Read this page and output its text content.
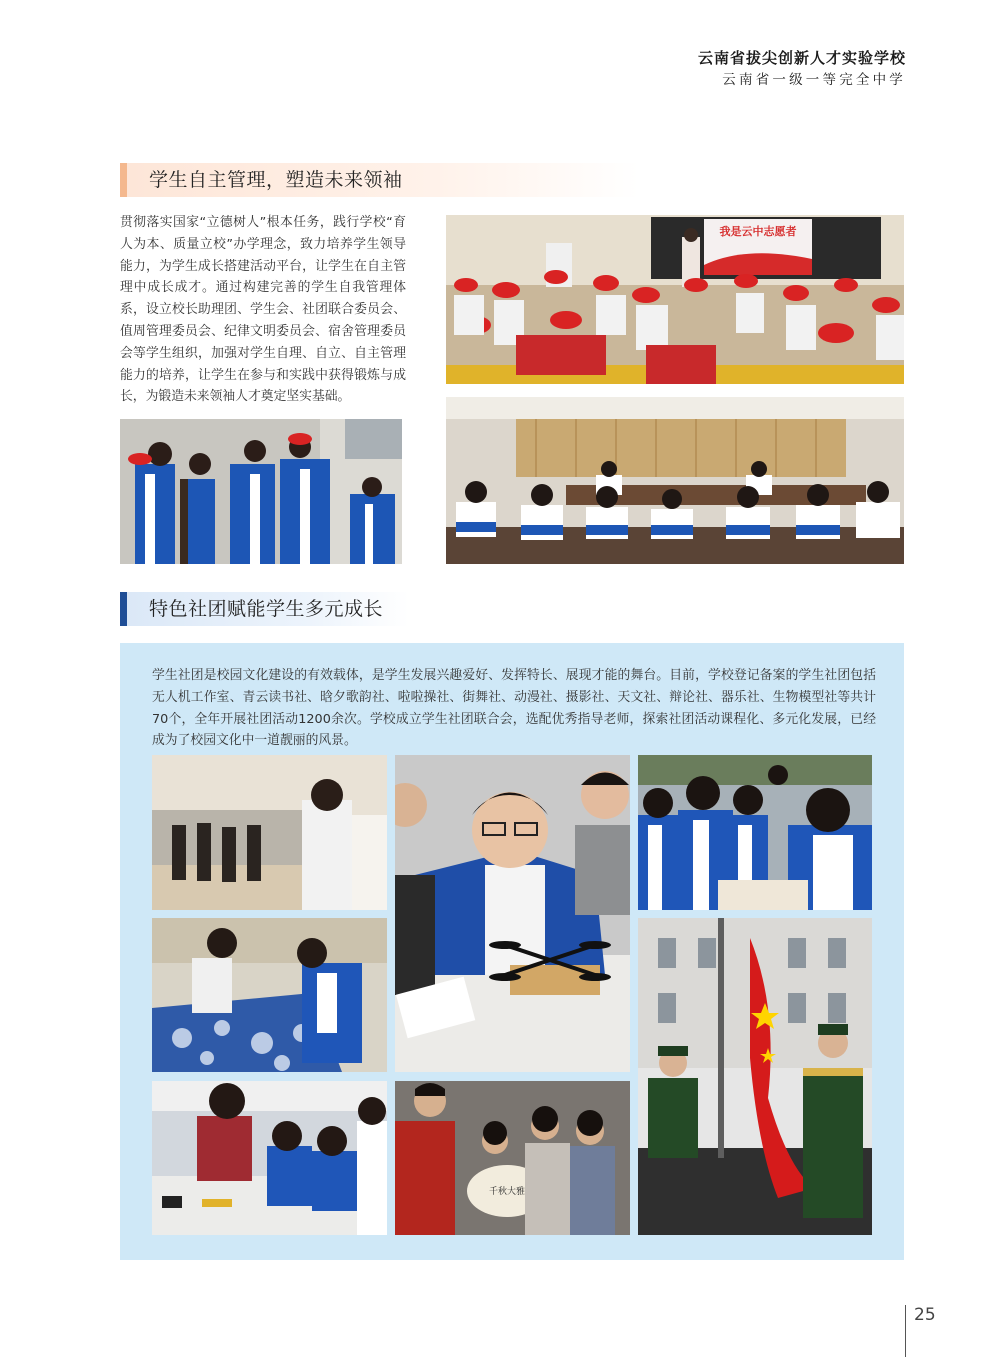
云南省拔尖创新人才实验学校
云南省一级一等完全中学
学生自主管理，塑造未来领袖

贯彻落实国家“立德树人”根本任务，践行学校“育人为本、质量立校”办学理念，致力培养学生领导能力，为学生成长搭建活动平台，让学生在自主管理中成长成才。通过构建完善的学生自我管理体系，设立校长助理团、学生会、社团联合委员会、值周管理委员会、纪律文明委员会、宿舍管理委员会等学生组织，加强对学生自理、自立、自主管理能力的培养，让学生在参与和实践中获得锻炼与成长，为锻造未来领袖人才奠定坚实基础。

我是云中志愿者
特色社团赋能学生多元成长

学生社团是校园文化建设的有效载体，是学生发展兴趣爱好、发挥特长、展现才能的舞台。目前，学校登记备案的学生社团包括无人机工作室、青云读书社、晗夕歌韵社、啦啦操社、街舞社、动漫社、摄影社、天文社、辩论社、器乐社、生物模型社等共计70个，全年开展社团活动1200余次。学校成立学生社团联合会，选配优秀指导老师，探索社团活动课程化、多元化发展，已经成为了校园文化中一道靓丽的风景。

千秋大雅
25
